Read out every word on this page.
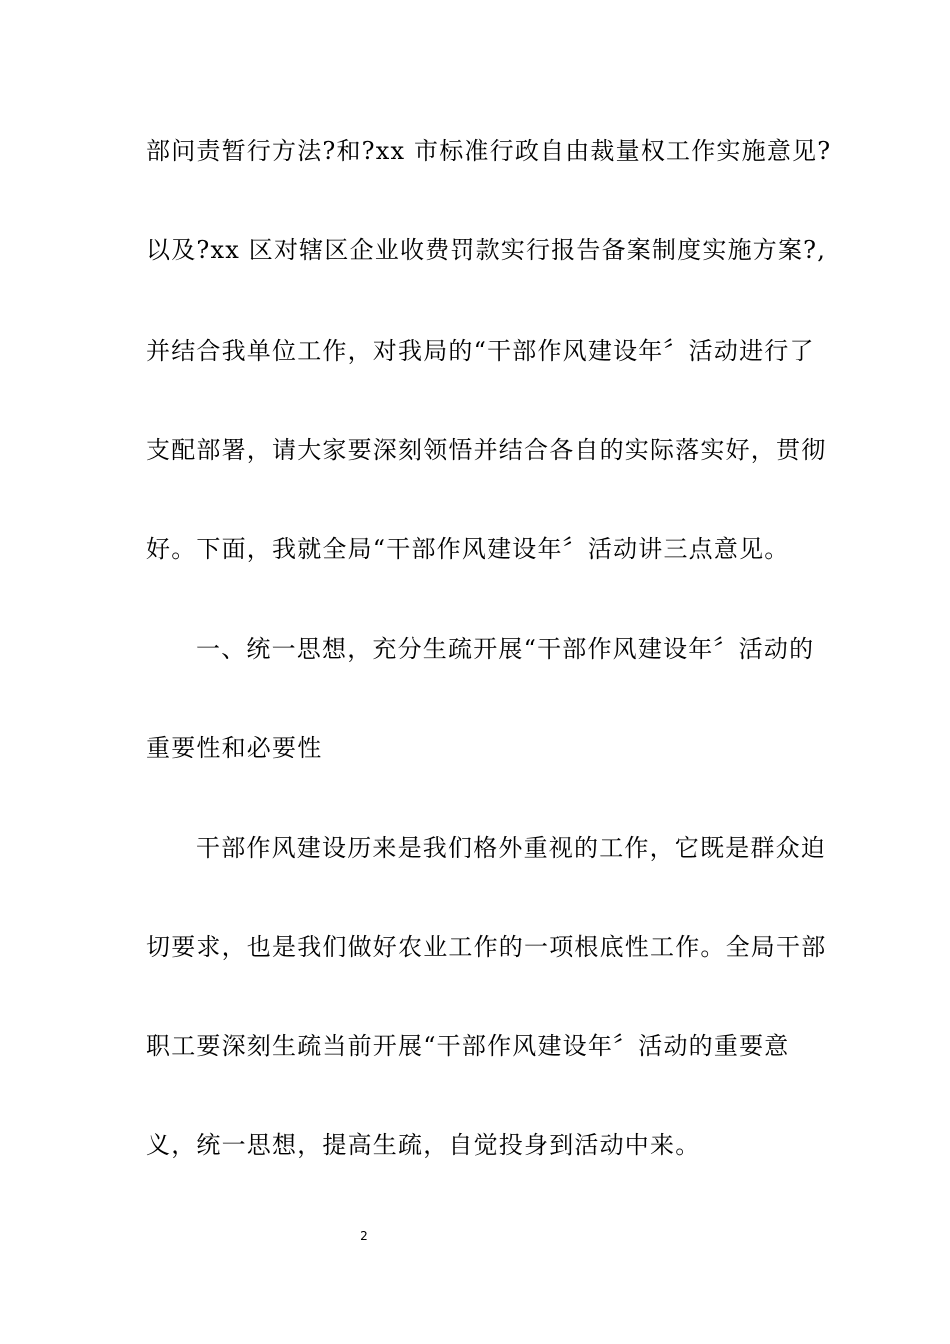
部问责暂行方法?和?xx 市标准行政自由裁量权工作实施意见?
以及?xx 区对辖区企业收费罚款实行报告备案制度实施方案?,
并结合我单位工作，对我局的“干部作风建设年〞活动进行了
支配部署，请大家要深刻领悟并结合各自的实际落实好，贯彻
好。下面，我就全局“干部作风建设年〞活动讲三点意见。
一、统一思想，充分生疏开展“干部作风建设年〞活动的
重要性和必要性
干部作风建设历来是我们格外重视的工作，它既是群众迫
切要求，也是我们做好农业工作的一项根底性工作。全局干部
职工要深刻生疏当前开展“干部作风建设年〞活动的重要意
义，统一思想，提高生疏，自觉投身到活动中来。
2
